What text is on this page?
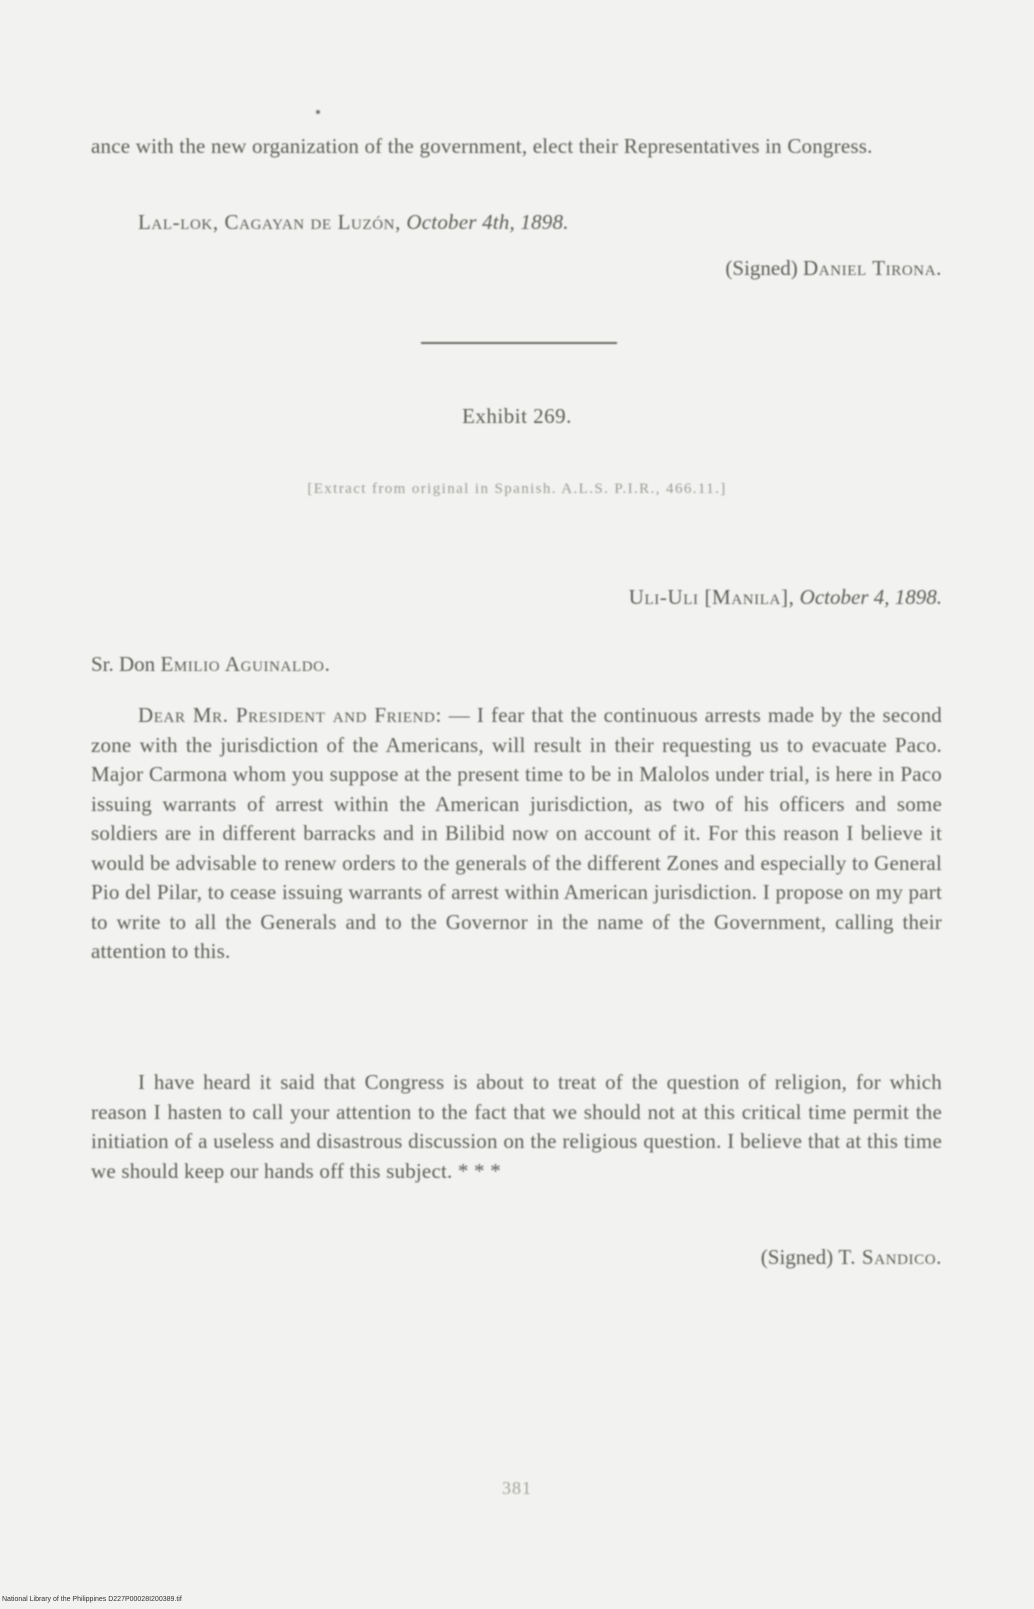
ance with the new organization of the government, elect their Representatives in Congress.
Lal-lok, Cagayan de Luzón, October 4th, 1898.
(Signed) Daniel Tirona.
Exhibit 269.
[Extract from original in Spanish. A.L.S. P.I.R., 466.11.]
Uli-Uli [Manila], October 4, 1898.
Sr. Don Emilio Aguinaldo.
Dear Mr. President and Friend: — I fear that the continuous arrests made by the second zone with the jurisdiction of the Americans, will result in their requesting us to evacuate Paco. Major Carmona whom you suppose at the present time to be in Malolos under trial, is here in Paco issuing warrants of arrest within the American jurisdiction, as two of his officers and some soldiers are in different barracks and in Bilibid now on account of it. For this reason I believe it would be advisable to renew orders to the generals of the different Zones and especially to General Pio del Pilar, to cease issuing warrants of arrest within American jurisdiction. I propose on my part to write to all the Generals and to the Governor in the name of the Government, calling their attention to this.
I have heard it said that Congress is about to treat of the question of religion, for which reason I hasten to call your attention to the fact that we should not at this critical time permit the initiation of a useless and disastrous discussion on the religious question. I believe that at this time we should keep our hands off this subject. * * *
(Signed) T. Sandico.
381
National Library of the Philippines D227P00028I200389.tif
